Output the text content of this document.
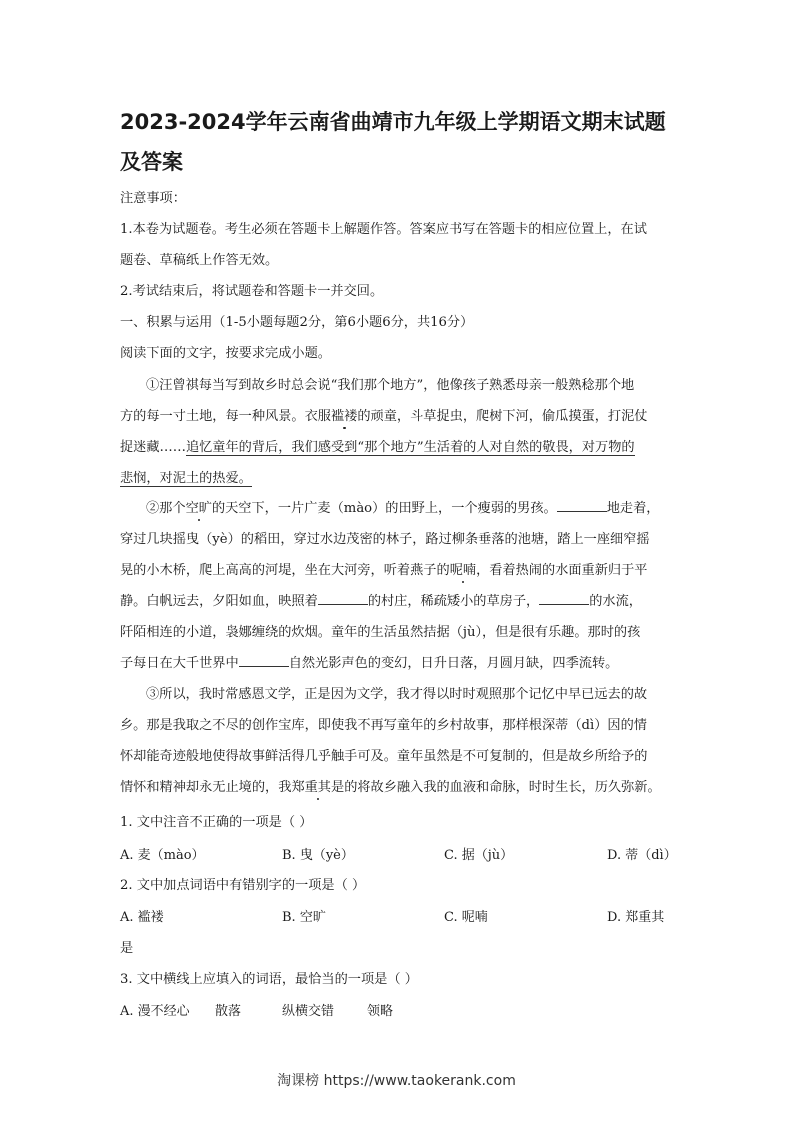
2023-2024学年云南省曲靖市九年级上学期语文期末试题及答案
注意事项：
1.本卷为试题卷。考生必须在答题卡上解题作答。答案应书写在答题卡的相应位置上，在试
题卷、草稿纸上作答无效。
2.考试结束后，将试题卷和答题卡一并交回。
一、积累与运用（1-5小题每题2分，第6小题6分，共16分）
阅读下面的文字，按要求完成小题。
①汪曾祺每当写到故乡时总会说“我们那个地方”，他像孩子熟悉母亲一般熟稔那个地
方的每一寸土地，每一种风景。衣服褴褛的顽童，斗草捉虫，爬树下河，偷瓜摸蛋，打泥仗
捉迷藏……追忆童年的背后，我们感受到“那个地方”生活着的人对自然的敬畏，对万物的
悲悯，对泥土的热爱。
②那个空旷的天空下，一片广麦（mào）的田野上，一个瘦弱的男孩。	地走着，
穿过几块摇曳（yè）的稻田，穿过水边茂密的林子，路过柳条垂落的池塘，踏上一座细窄摇
晃的小木桥，爬上高高的河堤，坐在大河旁，听着燕子的呢喃，看着热闹的水面重新归于平
静。白帆远去，夕阳如血，映照着	的村庄，稀疏矮小的草房子，	的水流，
阡陌相连的小道，袅娜缠绕的炊烟。童年的生活虽然拮据（jù），但是很有乐趣。那时的孩
子每日在大千世界中	自然光影声色的变幻，日升日落，月圆月缺，四季流转。
③所以，我时常感恩文学，正是因为文学，我才得以时时观照那个记忆中早已远去的故
乡。那是我取之不尽的创作宝库，即使我不再写童年的乡村故事，那样根深蒂（dì）因的情
怀却能奇迹般地使得故事鲜活得几乎触手可及。童年虽然是不可复制的，但是故乡所给予的
情怀和精神却永无止境的，我郑重其是的将故乡融入我的血液和命脉，时时生长，历久弥新。
1. 文中注音不正确的一项是（ ）
A. 麦（mào）	B. 曳（yè）	C. 据（jù）	D. 蒂（dì）
2. 文中加点词语中有错别字的一项是（ ）
A. 褴褛	B. 空旷	C. 呢喃	D. 郑重其
是
3. 文中横线上应填入的词语，最恰当的一项是（ ）
A. 漫不经心 散落	纵横交错	领略
淘课榜 https://www.taokerank.com
